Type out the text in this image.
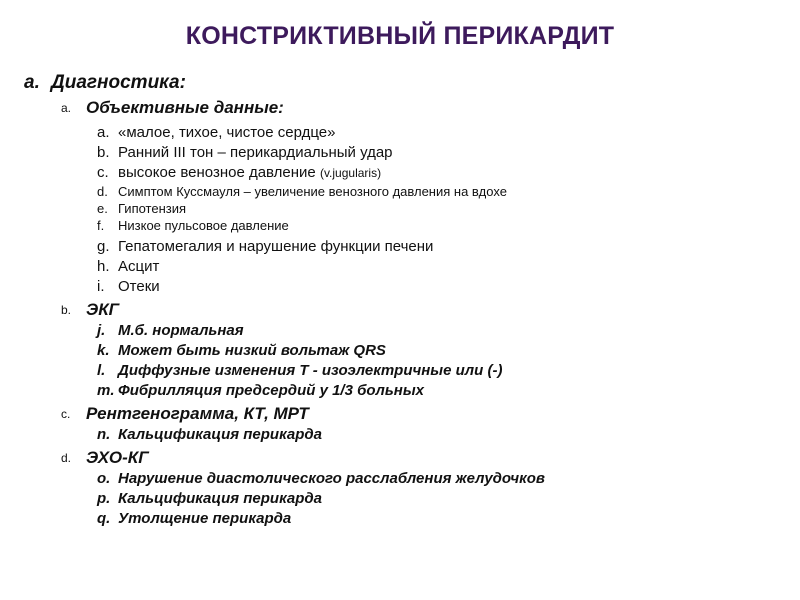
КОНСТРИКТИВНЫЙ ПЕРИКАРДИТ
a. Диагностика:
a. Объективные данные:
a. «малое, тихое, чистое сердце»
b. Ранний III тон – перикардиальный удар
c. высокое венозное давление (v.jugularis)
d. Симптом Куссмауля – увеличение венозного давления на вдохе
e. Гипотензия
f. Низкое пульсовое давление
g. Гепатомегалия и нарушение функции печени
h. Асцит
i. Отеки
b. ЭКГ
j. М.б. нормальная
k. Может быть низкий вольтаж QRS
l. Диффузные изменения T - изоэлектричные или (-)
m. Фибрилляция предсердий у 1/3 больных
c. Рентгенограмма, КТ, МРТ
n. Кальцификация перикарда
d. ЭХО-КГ
o. Нарушение диастолического расслабления желудочков
p. Кальцификация перикарда
q. Утолщение перикарда
